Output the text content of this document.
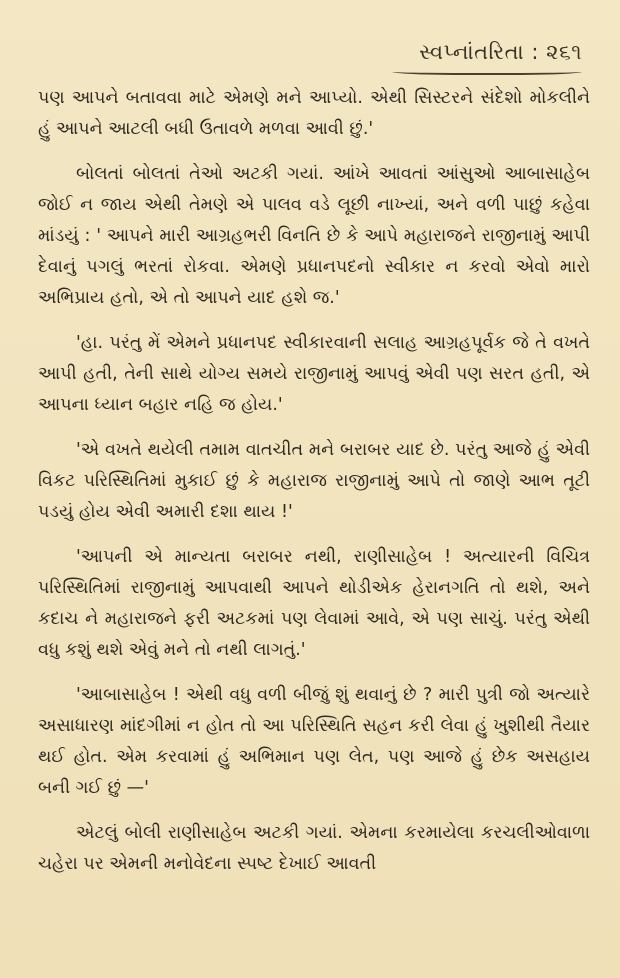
સ્વપ્નાંતરિતા : ૨૬૧

પણ આપને બતાવવા માટે એમણે મને આપ્યો. એથી સિસ્ટરને સંદેશો મોકલીને હું આપને આટલી બધી ઉતાવળે મળવા આવી છું.'

બોલતાં બોલતાં તેઓ અટકી ગયાં. આંખે આવતાં આંસુઓ આબાસાહેબ જોઈ ન જાય એથી તેમણે એ પાલવ વડે લૂછી નાખ્યાં, અને વળી પાછું કહેવા માંડયું : ' આપને મારી આગ્રહભરી વિનતિ છે કે આપે મહારાજને રાજીનામું આપી દેવાનું પગલું ભરતાં રોકવા. એમણે પ્રધાનપદનો સ્વીકાર ન કરવો એવો મારો અભિપ્રાય હતો, એ તો આપને યાદ હશે જ.'

'હા. પરંતુ મેં એમને પ્રધાનપદ સ્વીકારવાની સલાહ આગ્રહપૂર્વક જે તે વખતે આપી હતી, તેની સાથે યોગ્ય સમયે રાજીનામું આપવું એવી પણ સરત હતી, એ આપના ધ્યાન બહાર નહિ જ હોય.'

'એ વખતે થયેલી તમામ વાતચીત મને બરાબર યાદ છે. પરંતુ આજે હું એવી વિકટ પરિસ્થિતિમાં મુકાઈ છું કે મહારાજ રાજીનામું આપે તો જાણે આભ તૂટી પડયું હોય એવી અમારી દશા થાય !'

'આપની એ માન્યતા બરાબર નથી, રાણીસાહેબ ! અત્યારની વિચિત્ર પરિસ્થિતિમાં રાજીનામું આપવાથી આપને થોડીએક હેરાનગતિ તો થશે, અને કદાચ ને મહારાજને ફરી અટકમાં પણ લેવામાં આવે, એ પણ સાચું. પરંતુ એથી વધુ કશું થશે એવું મને તો નથી લાગતું.'

'આબાસાહેબ ! એથી વધુ વળી બીજું શું થવાનું છે ? મારી પુત્રી જો અત્યારે અસાધારણ માંદગીમાં ન હોત તો આ પરિસ્થિતિ સહન કરી લેવા હું ખુશીથી તૈયાર થઈ હોત. એમ કરવામાં હું અભિમાન પણ લેત, પણ આજે હું છેક અસહાય બની ગઈ છું —'

એટલું બોલી રાણીસાહેબ અટકી ગયાં. એમના કરમાયેલા કરચલીઓવાળા ચહેરા પર એમની મનોવેદના સ્પષ્ટ દેખાઈ આવતી
